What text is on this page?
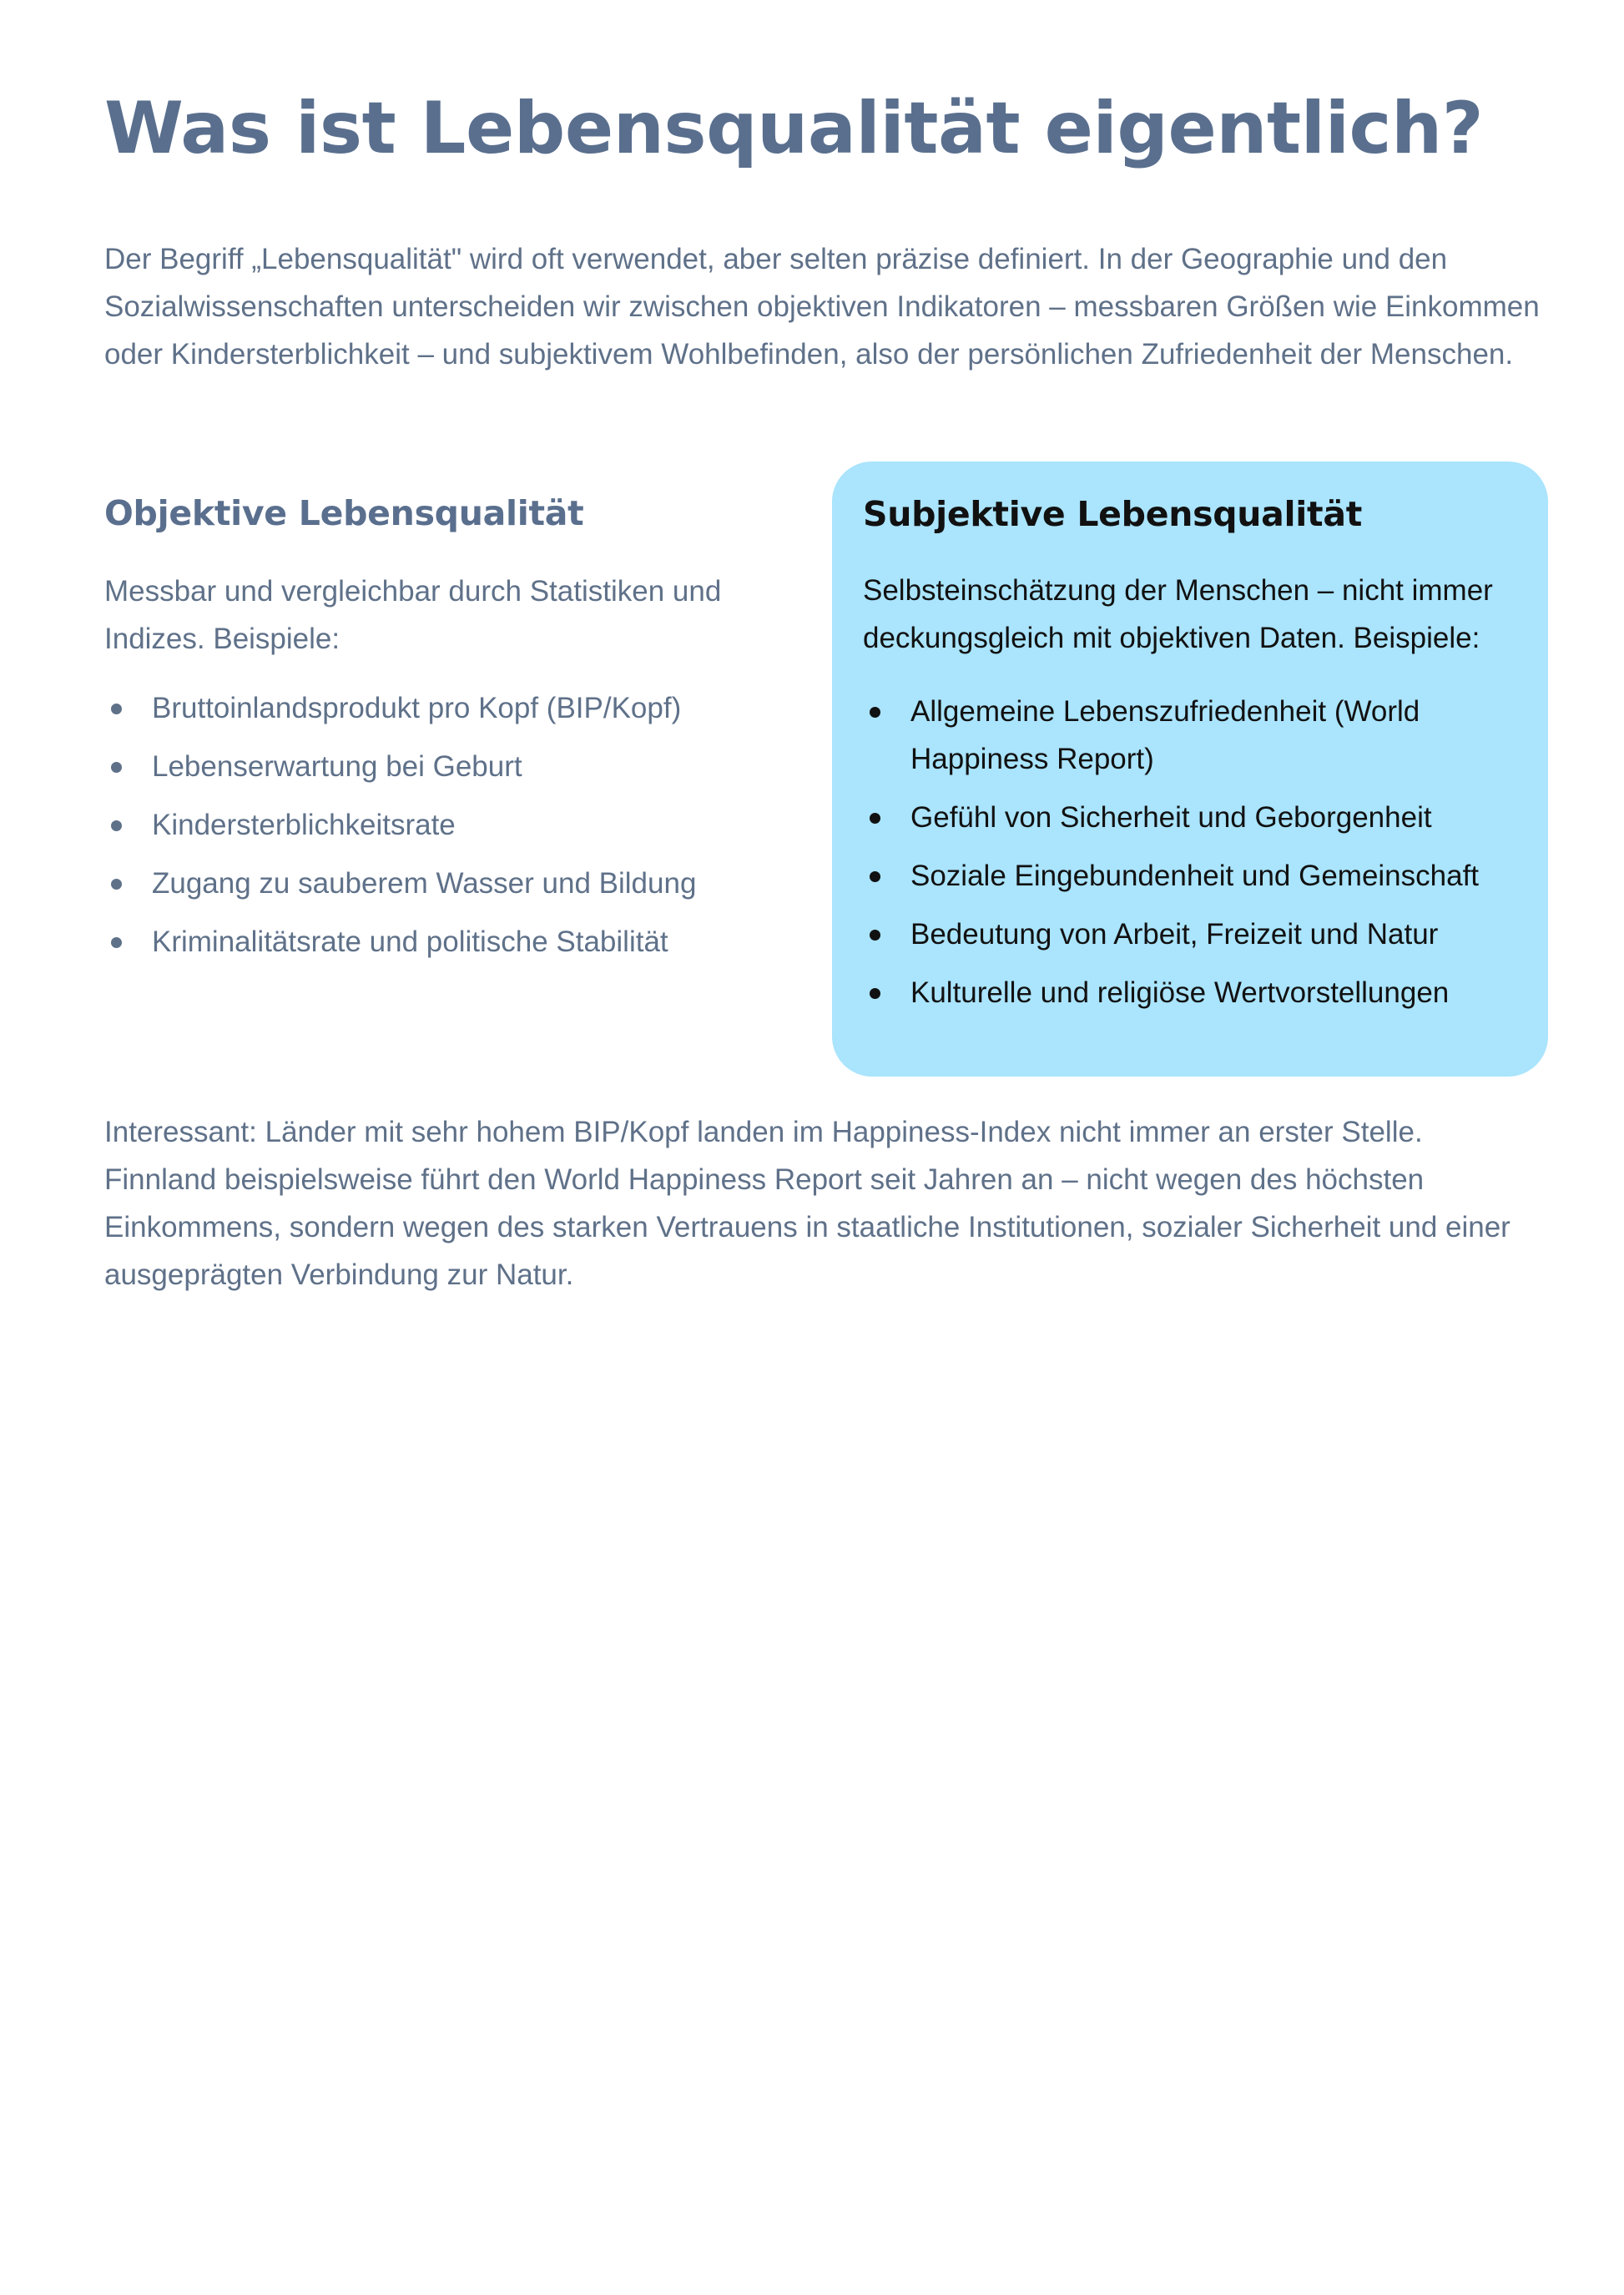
Was ist Lebensqualität eigentlich?

Der Begriff „Lebensqualität" wird oft verwendet, aber selten präzise definiert. In der Geographie und den Sozialwissenschaften unterscheiden wir zwischen objektiven Indikatoren – messbaren Größen wie Einkommen oder Kindersterblichkeit – und subjektivem Wohlbefinden, also der persönlichen Zufriedenheit der Menschen.

Objektive Lebensqualität

Messbar und vergleichbar durch Statistiken und Indizes. Beispiele:

Bruttoinlandsprodukt pro Kopf (BIP/Kopf)
Lebenserwartung bei Geburt
Kindersterblichkeitsrate
Zugang zu sauberem Wasser und Bildung
Kriminalitätsrate und politische Stabilität
Subjektive Lebensqualität

Selbsteinschätzung der Menschen – nicht immer deckungsgleich mit objektiven Daten. Beispiele:

Allgemeine Lebenszufriedenheit (World Happiness Report)
Gefühl von Sicherheit und Geborgenheit
Soziale Eingebundenheit und Gemeinschaft
Bedeutung von Arbeit, Freizeit und Natur
Kulturelle und religiöse Wertvorstellungen

Interessant: Länder mit sehr hohem BIP/Kopf landen im Happiness-Index nicht immer an erster Stelle. Finnland beispielsweise führt den World Happiness Report seit Jahren an – nicht wegen des höchsten Einkommens, sondern wegen des starken Vertrauens in staatliche Institutionen, sozialer Sicherheit und einer ausgeprägten Verbindung zur Natur.
